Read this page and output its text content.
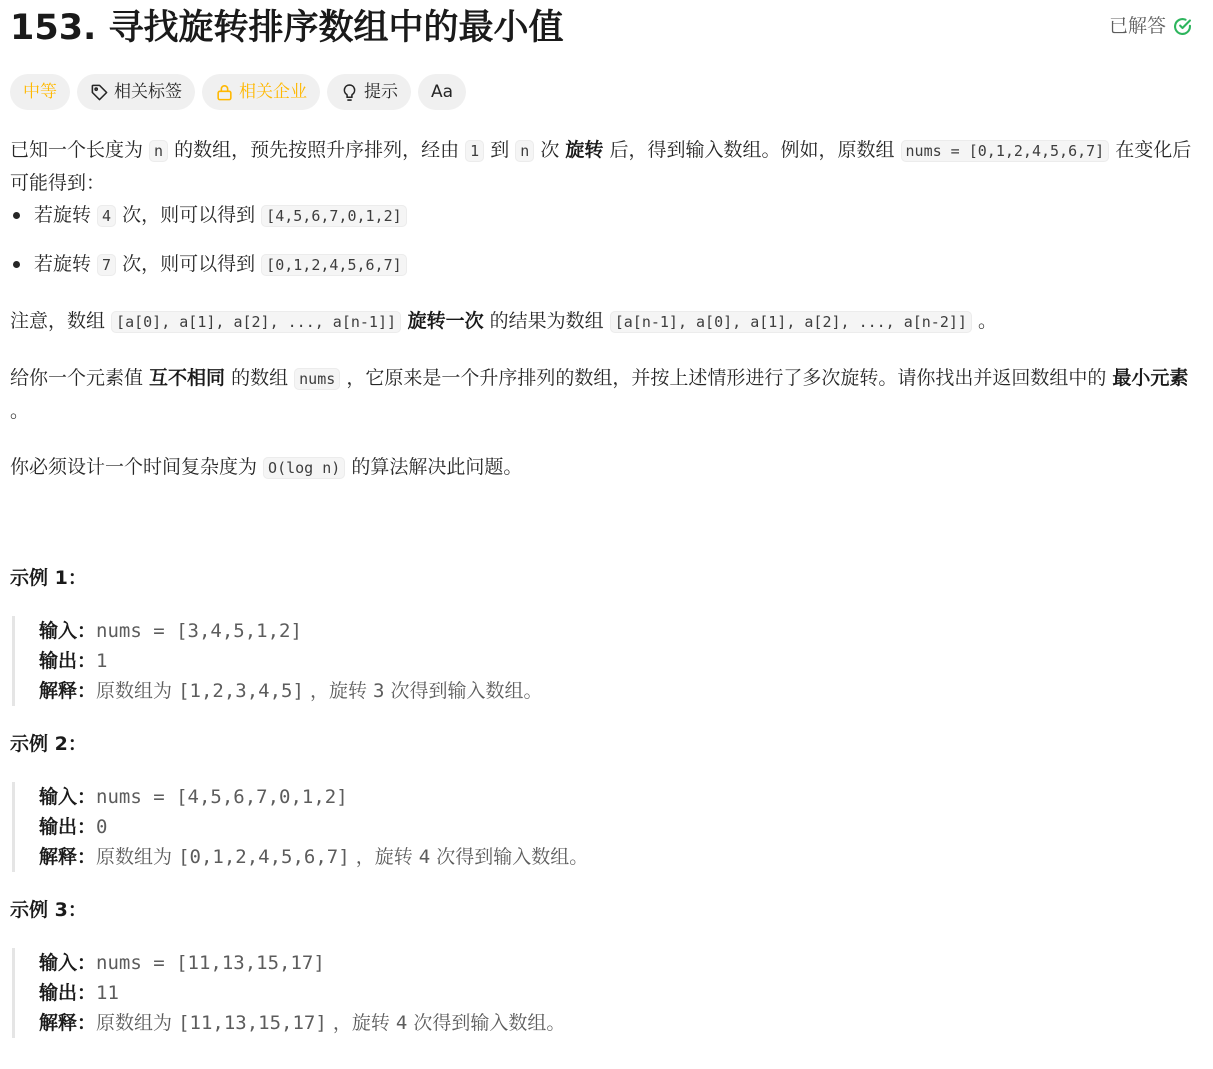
153. 寻找旋转排序数组中的最小值	已解答
中等	相关标签	相关企业	提示 Aa

已知一个长度为 n 的数组，预先按照升序排列，经由 1 到 n 次 旋转 后，得到输入数组。例如，原数组 nums = [0,1,2,4,5,6,7] 在变化后可能得到：

若旋转 4 次，则可以得到 [4,5,6,7,0,1,2]
若旋转 7 次，则可以得到 [0,1,2,4,5,6,7]

注意，数组 [a[0], a[1], a[2], ..., a[n-1]] 旋转一次 的结果为数组 [a[n-1], a[0], a[1], a[2], ..., a[n-2]] 。

给你一个元素值 互不相同 的数组 nums ，它原来是一个升序排列的数组，并按上述情形进行了多次旋转。请你找出并返回数组中的 最小元素 。

你必须设计一个时间复杂度为 O(log n) 的算法解决此问题。

示例 1：
输入：nums = [3,4,5,1,2]
输出：1
解释：原数组为 [1,2,3,4,5] ，旋转 3 次得到输入数组。
示例 2：
输入：nums = [4,5,6,7,0,1,2]
输出：0
解释：原数组为 [0,1,2,4,5,6,7] ，旋转 4 次得到输入数组。
示例 3：
输入：nums = [11,13,15,17]
输出：11
解释：原数组为 [11,13,15,17] ，旋转 4 次得到输入数组。
